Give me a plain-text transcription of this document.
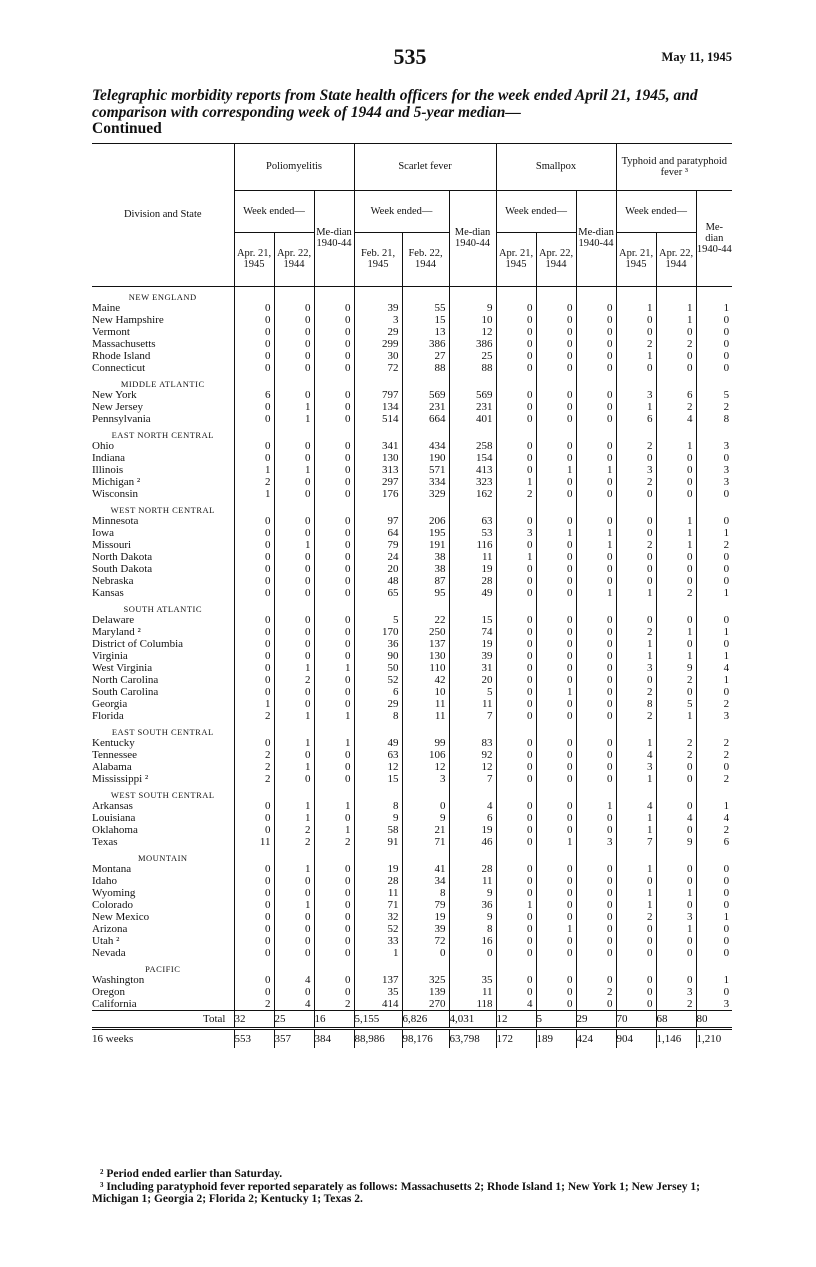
535	May 11, 1945
Telegraphic morbidity reports from State health officers for the week ended April 21, 1945, and comparison with corresponding week of 1944 and 5-year median—
Continued
Division and State	Poliomyelitis			Scarlet fever			Smallpox			Typhoid and paratyphoid fever ³		
	Week ended—		Me-dian 1940-44	Week ended—		Me-dian 1940-44	Week ended—		Me-dian 1940-44	Week ended—		Me-dian 1940-44
	Apr. 21, 1945	Apr. 22, 1944		Feb. 21, 1945	Feb. 22, 1944		Apr. 21, 1945	Apr. 22, 1944		Apr. 21, 1945	Apr. 22, 1944	
NEW ENGLAND												
Maine	0	0	0	39	55	9	0	0	0	1	1	1
New Hampshire	0	0	0	3	15	10	0	0	0	0	1	0
Vermont	0	0	0	29	13	12	0	0	0	0	0	0
Massachusetts	0	0	0	299	386	386	0	0	0	2	2	0
Rhode Island	0	0	0	30	27	25	0	0	0	1	0	0
Connecticut	0	0	0	72	88	88	0	0	0	0	0	0
MIDDLE ATLANTIC												
New York	6	0	0	797	569	569	0	0	0	3	6	5
New Jersey	0	1	0	134	231	231	0	0	0	1	2	2
Pennsylvania	0	1	0	514	664	401	0	0	0	6	4	8
EAST NORTH CENTRAL												
Ohio	0	0	0	341	434	258	0	0	0	2	1	3
Indiana	0	0	0	130	190	154	0	0	0	0	0	0
Illinois	1	1	0	313	571	413	0	1	1	3	0	3
Michigan ²	2	0	0	297	334	323	1	0	0	2	0	3
Wisconsin	1	0	0	176	329	162	2	0	0	0	0	0
WEST NORTH CENTRAL												
Minnesota	0	0	0	97	206	63	0	0	0	0	1	0
Iowa	0	0	0	64	195	53	3	1	1	0	1	1
Missouri	0	1	0	79	191	116	0	0	1	2	1	2
North Dakota	0	0	0	24	38	11	1	0	0	0	0	0
South Dakota	0	0	0	20	38	19	0	0	0	0	0	0
Nebraska	0	0	0	48	87	28	0	0	0	0	0	0
Kansas	0	0	0	65	95	49	0	0	1	1	2	1
SOUTH ATLANTIC												
Delaware	0	0	0	5	22	15	0	0	0	0	0	0
Maryland ²	0	0	0	170	250	74	0	0	0	2	1	1
District of Columbia	0	0	0	36	137	19	0	0	0	1	0	0
Virginia	0	0	0	90	130	39	0	0	0	1	1	1
West Virginia	0	1	1	50	110	31	0	0	0	3	9	4
North Carolina	0	2	0	52	42	20	0	0	0	0	2	1
South Carolina	0	0	0	6	10	5	0	1	0	2	0	0
Georgia	1	0	0	29	11	11	0	0	0	8	5	2
Florida	2	1	1	8	11	7	0	0	0	2	1	3
EAST SOUTH CENTRAL												
Kentucky	0	1	1	49	99	83	0	0	0	1	2	2
Tennessee	2	0	0	63	106	92	0	0	0	4	2	2
Alabama	2	1	0	12	12	12	0	0	0	3	0	0
Mississippi ²	2	0	0	15	3	7	0	0	0	1	0	2
WEST SOUTH CENTRAL												
Arkansas	0	1	1	8	0	4	0	0	1	4	0	1
Louisiana	0	1	0	9	9	6	0	0	0	1	4	4
Oklahoma	0	2	1	58	21	19	0	0	0	1	0	2
Texas	11	2	2	91	71	46	0	1	3	7	9	6
MOUNTAIN												
Montana	0	1	0	19	41	28	0	0	0	1	0	0
Idaho	0	0	0	28	34	11	0	0	0	0	0	0
Wyoming	0	0	0	11	8	9	0	0	0	1	1	0
Colorado	0	1	0	71	79	36	1	0	0	1	0	0
New Mexico	0	0	0	32	19	9	0	0	0	2	3	1
Arizona	0	0	0	52	39	8	0	1	0	0	1	0
Utah ²	0	0	0	33	72	16	0	0	0	0	0	0
Nevada	0	0	0	1	0	0	0	0	0	0	0	0
PACIFIC												
Washington	0	4	0	137	325	35	0	0	0	0	0	1
Oregon	0	0	0	35	139	11	0	0	2	0	3	0
California	2	4	2	414	270	118	4	0	0	0	2	3
Total	32	25	16	5,155	6,826	4,031	12	5	29	70	68	80
16 weeks	553	357	384	88,986	98,176	63,798	172	189	424	904	1,146	1,210

² Period ended earlier than Saturday.

³ Including paratyphoid fever reported separately as follows: Massachusetts 2; Rhode Island 1; New York 1; New Jersey 1; Michigan 1; Georgia 2; Florida 2; Kentucky 1; Texas 2.
